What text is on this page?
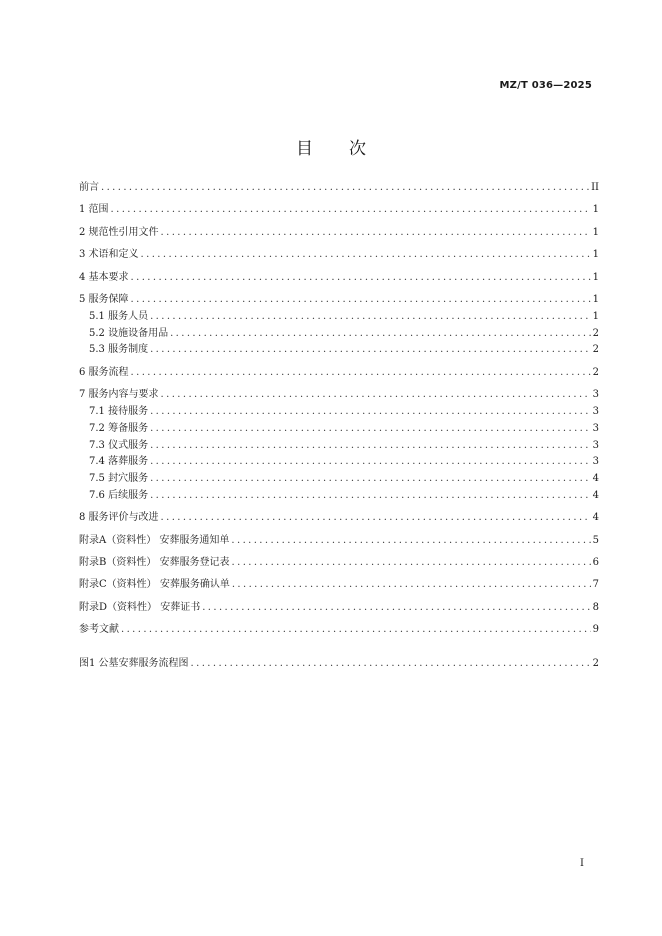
MZ/T 036—2025
目 次
前言 .....	II
1 范围 .....	1
2 规范性引用文件 .....	1
3 术语和定义 .....	1
4 基本要求 .....	1
5 服务保障 .....	1
5.1 服务人员 .....	1
5.2 设施设备用品 .....	2
5.3 服务制度 .....	2
6 服务流程 .....	2
7 服务内容与要求 .....	3
7.1 接待服务 .....	3
7.2 筹备服务 .....	3
7.3 仪式服务 .....	3
7.4 落葬服务 .....	3
7.5 封穴服务 .....	4
7.6 后续服务 .....	4
8 服务评价与改进 .....	4
附录A（资料性） 安葬服务通知单 .....	5
附录B（资料性） 安葬服务登记表 .....	6
附录C（资料性） 安葬服务确认单 .....	7
附录D（资料性） 安葬证书 .....	8
参考文献 .....	9
图1 公墓安葬服务流程图 .....	2
I
